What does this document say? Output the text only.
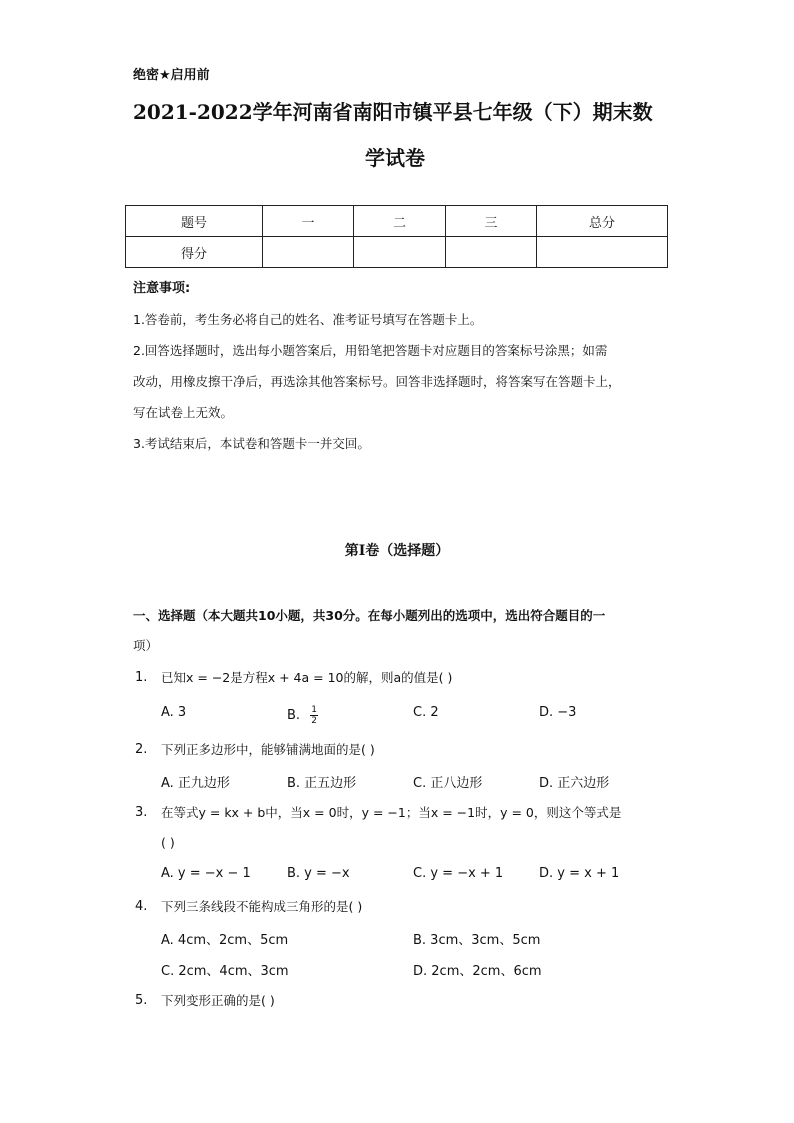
绝密★启用前
2021-2022学年河南省南阳市镇平县七年级（下）期末数
学试卷
题号	一	二	三	总分
得分				
注意事项:
1.答卷前，考生务必将自己的姓名、准考证号填写在答题卡上。
2.回答选择题时，选出每小题答案后，用铅笔把答题卡对应题目的答案标号涂黑；如需
改动，用橡皮擦干净后，再选涂其他答案标号。回答非选择题时，将答案写在答题卡上，
写在试卷上无效。
3.考试结束后，本试卷和答题卡一并交回。
第I卷（选择题）
一、选择题（本大题共10小题，共30分。在每小题列出的选项中，选出符合题目的一
项）
1. 已知x = −2是方程x + 4a = 10的解，则a的值是( )
A. 3	B. $\frac{1}{2}$	C. 2	D. −3
2. 下列正多边形中，能够铺满地面的是( )
A. 正九边形	B. 正五边形	C. 正八边形	D. 正六边形
3. 在等式y = kx + b中，当x = 0时，y = −1；当x = −1时，y = 0，则这个等式是
( )
A. y = −x − 1	B. y = −x	C. y = −x + 1	D. y = x + 1
4. 下列三条线段不能构成三角形的是( )
A. 4cm、2cm、5cm	B. 3cm、3cm、5cm
C. 2cm、4cm、3cm	D. 2cm、2cm、6cm
5. 下列变形正确的是( )
